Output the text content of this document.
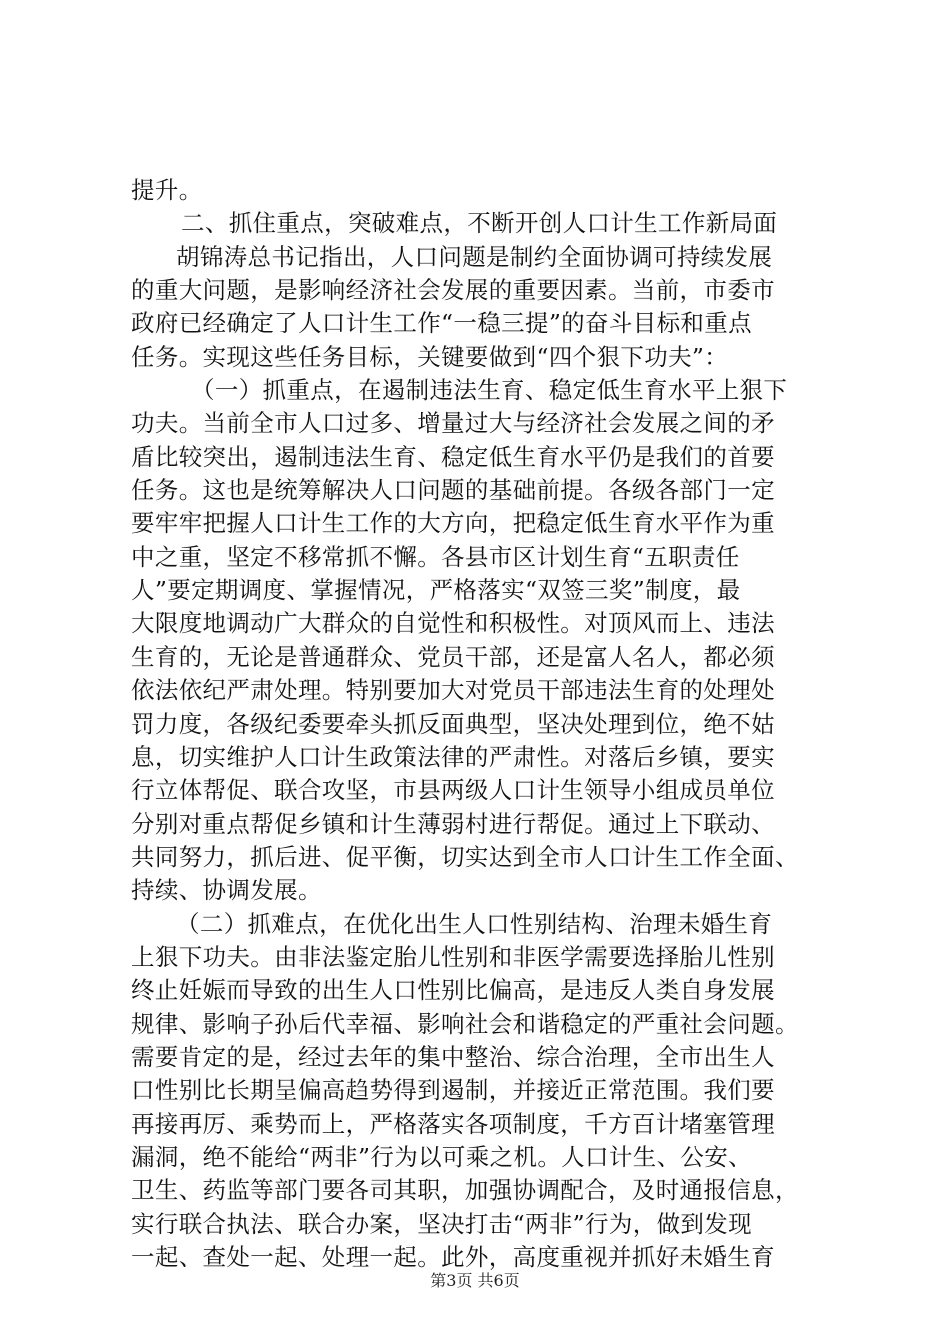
提升。
二、抓住重点，突破难点，不断开创人口计生工作新局面
胡锦涛总书记指出，人口问题是制约全面协调可持续发展
的重大问题，是影响经济社会发展的重要因素。当前，市委市
政府已经确定了人口计生工作“一稳三提”的奋斗目标和重点
任务。实现这些任务目标，关键要做到“四个狠下功夫”：
（一）抓重点，在遏制违法生育、稳定低生育水平上狠下
功夫。当前全市人口过多、增量过大与经济社会发展之间的矛
盾比较突出，遏制违法生育、稳定低生育水平仍是我们的首要
任务。这也是统筹解决人口问题的基础前提。各级各部门一定
要牢牢把握人口计生工作的大方向，把稳定低生育水平作为重
中之重，坚定不移常抓不懈。各县市区计划生育“五职责任
人”要定期调度、掌握情况，严格落实“双签三奖”制度，最
大限度地调动广大群众的自觉性和积极性。对顶风而上、违法
生育的，无论是普通群众、党员干部，还是富人名人，都必须
依法依纪严肃处理。特别要加大对党员干部违法生育的处理处
罚力度，各级纪委要牵头抓反面典型，坚决处理到位，绝不姑
息，切实维护人口计生政策法律的严肃性。对落后乡镇，要实
行立体帮促、联合攻坚，市县两级人口计生领导小组成员单位
分别对重点帮促乡镇和计生薄弱村进行帮促。通过上下联动、
共同努力，抓后进、促平衡，切实达到全市人口计生工作全面、
持续、协调发展。
（二）抓难点，在优化出生人口性别结构、治理未婚生育
上狠下功夫。由非法鉴定胎儿性别和非医学需要选择胎儿性别
终止妊娠而导致的出生人口性别比偏高，是违反人类自身发展
规律、影响子孙后代幸福、影响社会和谐稳定的严重社会问题。
需要肯定的是，经过去年的集中整治、综合治理，全市出生人
口性别比长期呈偏高趋势得到遏制，并接近正常范围。我们要
再接再厉、乘势而上，严格落实各项制度，千方百计堵塞管理
漏洞，绝不能给“两非”行为以可乘之机。人口计生、公安、
卫生、药监等部门要各司其职，加强协调配合，及时通报信息，
实行联合执法、联合办案，坚决打击“两非”行为，做到发现
一起、查处一起、处理一起。此外，高度重视并抓好未婚生育
第3页 共6页
